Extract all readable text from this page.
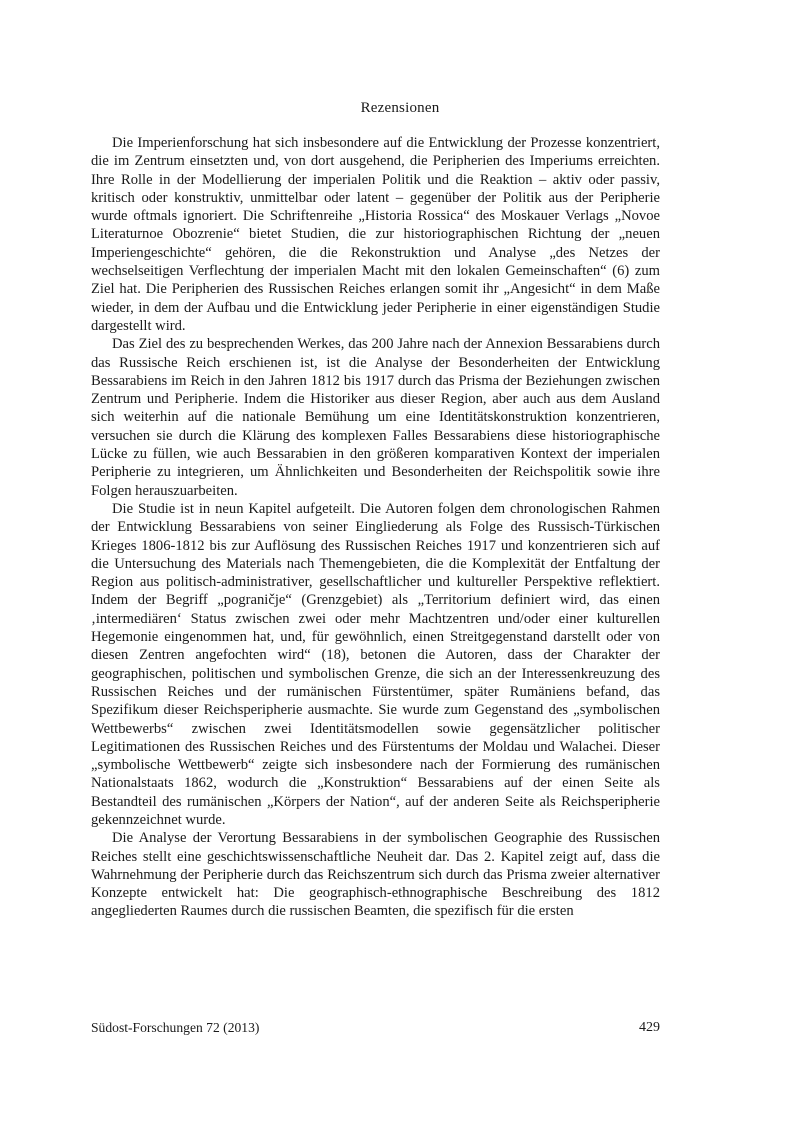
Rezensionen

Die Imperienforschung hat sich insbesondere auf die Entwicklung der Prozesse konzentriert, die im Zentrum einsetzten und, von dort ausgehend, die Peripherien des Imperiums erreichten. Ihre Rolle in der Modellierung der imperialen Politik und die Reaktion – aktiv oder passiv, kritisch oder konstruktiv, unmittelbar oder latent – gegenüber der Politik aus der Peripherie wurde oftmals ignoriert. Die Schriftenreihe „Historia Rossica“ des Moskauer Verlags „Novoe Literaturnoe Obozrenie“ bietet Studien, die zur historiographischen Richtung der „neuen Imperiengeschichte“ gehören, die die Rekonstruktion und Analyse „des Netzes der wechselseitigen Verflechtung der imperialen Macht mit den lokalen Gemeinschaften“ (6) zum Ziel hat. Die Peripherien des Russischen Reiches erlangen somit ihr „Angesicht“ in dem Maße wieder, in dem der Aufbau und die Entwicklung jeder Peripherie in einer eigenständigen Studie dargestellt wird.

Das Ziel des zu besprechenden Werkes, das 200 Jahre nach der Annexion Bessarabiens durch das Russische Reich erschienen ist, ist die Analyse der Besonderheiten der Entwicklung Bessarabiens im Reich in den Jahren 1812 bis 1917 durch das Prisma der Beziehungen zwischen Zentrum und Peripherie. Indem die Historiker aus dieser Region, aber auch aus dem Ausland sich weiterhin auf die nationale Bemühung um eine Identitätskonstruktion konzentrieren, versuchen sie durch die Klärung des komplexen Falles Bessarabiens diese historiographische Lücke zu füllen, wie auch Bessarabien in den größeren komparativen Kontext der imperialen Peripherie zu integrieren, um Ähnlichkeiten und Besonderheiten der Reichspolitik sowie ihre Folgen herauszuarbeiten.

Die Studie ist in neun Kapitel aufgeteilt. Die Autoren folgen dem chronologischen Rahmen der Entwicklung Bessarabiens von seiner Eingliederung als Folge des Russisch-Türkischen Krieges 1806-1812 bis zur Auflösung des Russischen Reiches 1917 und konzentrieren sich auf die Untersuchung des Materials nach Themengebieten, die die Komplexität der Entfaltung der Region aus politisch-administrativer, gesellschaftlicher und kultureller Perspektive reflektiert. Indem der Begriff „pograničje“ (Grenzgebiet) als „Territorium definiert wird, das einen ‚intermediären‘ Status zwischen zwei oder mehr Machtzentren und/oder einer kulturellen Hegemonie eingenommen hat, und, für gewöhnlich, einen Streitgegenstand darstellt oder von diesen Zentren angefochten wird“ (18), betonen die Autoren, dass der Charakter der geographischen, politischen und symbolischen Grenze, die sich an der Interessenkreuzung des Russischen Reiches und der rumänischen Fürstentümer, später Rumäniens befand, das Spezifikum dieser Reichsperipherie ausmachte. Sie wurde zum Gegenstand des „symbolischen Wettbewerbs“ zwischen zwei Identitätsmodellen sowie gegensätzlicher politischer Legitimationen des Russischen Reiches und des Fürstentums der Moldau und Walachei. Dieser „symbolische Wettbewerb“ zeigte sich insbesondere nach der Formierung des rumänischen Nationalstaats 1862, wodurch die „Konstruktion“ Bessarabiens auf der einen Seite als Bestandteil des rumänischen „Körpers der Nation“, auf der anderen Seite als Reichsperipherie gekennzeichnet wurde.

Die Analyse der Verortung Bessarabiens in der symbolischen Geographie des Russischen Reiches stellt eine geschichtswissenschaftliche Neuheit dar. Das 2. Kapitel zeigt auf, dass die Wahrnehmung der Peripherie durch das Reichszentrum sich durch das Prisma zweier alternativer Konzepte entwickelt hat: Die geographisch-ethnographische Beschreibung des 1812 angegliederten Raumes durch die russischen Beamten, die spezifisch für die ersten

Südost-Forschungen 72 (2013)	429
